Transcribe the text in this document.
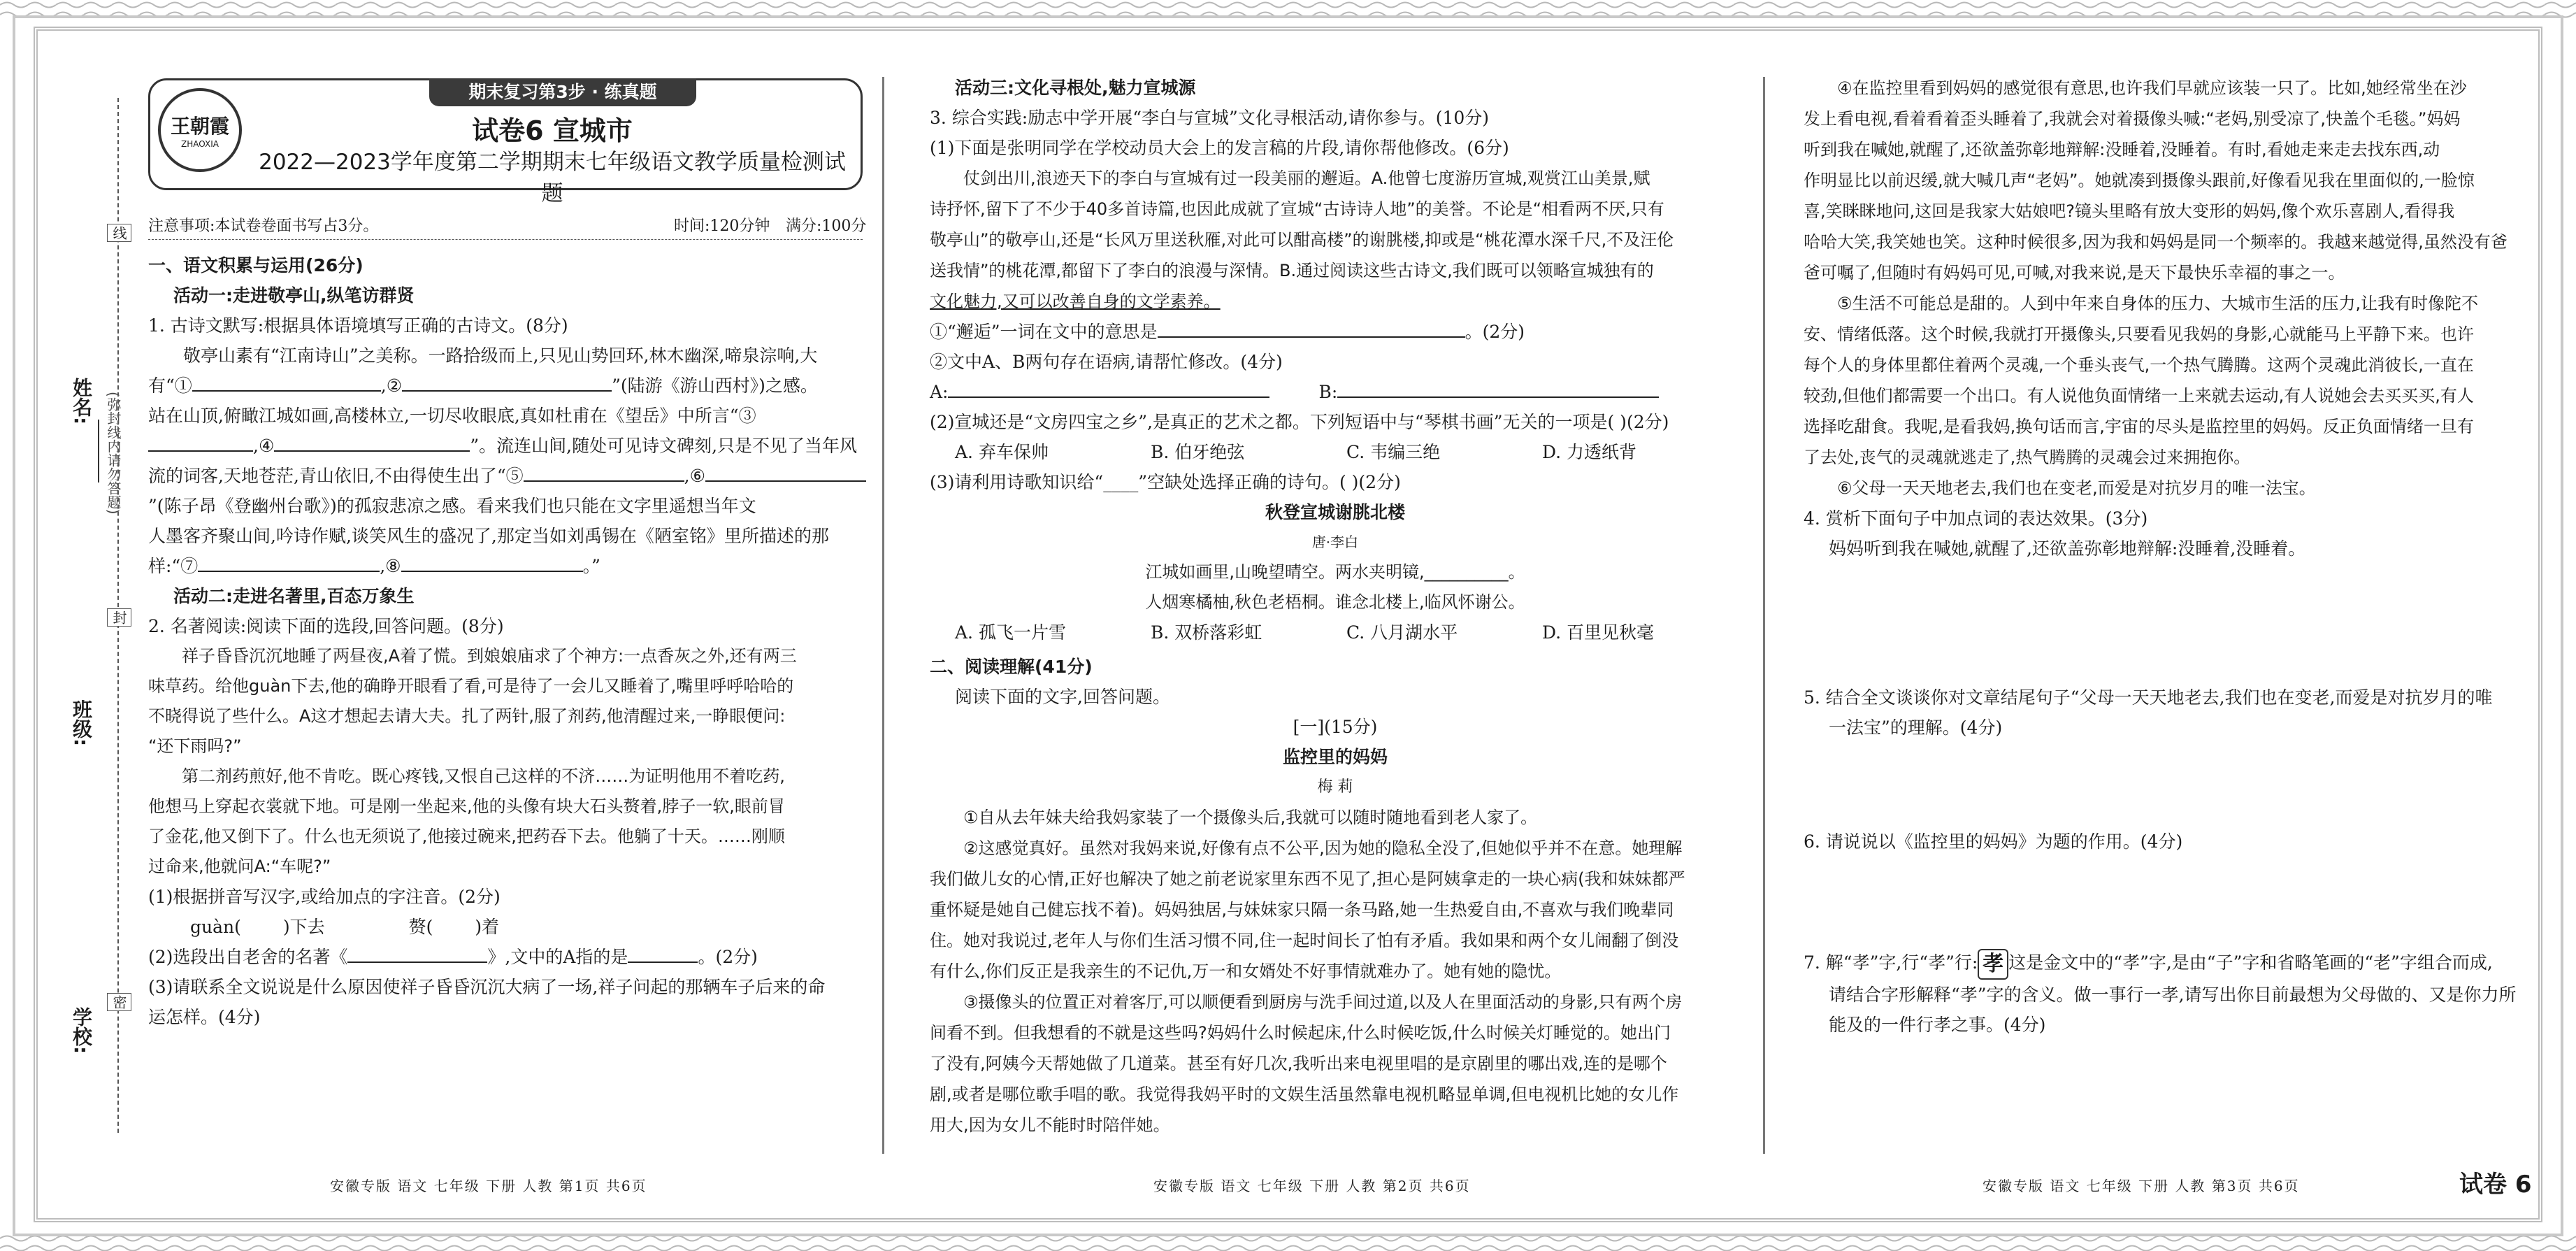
姓名:
班级:
学校:
(弥封线内请勿答题)
线
封
密
期末复习第3步 · 练真题
王朝霞
ZHAOXIA	试卷6 宣城市
2022—2023学年度第二学期期末七年级语文教学质量检测试题
注意事项:本试卷卷面书写占3分。	时间:120分钟 满分:100分

一、语文积累与运用(26分)

活动一:走进敬亭山,纵笔访群贤

1. 古诗文默写:根据具体语境填写正确的古诗文。(8分)

敬亭山素有“江南诗山”之美称。一路拾级而上,只见山势回环,林木幽深,啼泉淙响,大

有“①	,②	”(陆游《游山西村》)之感。

站在山顶,俯瞰江城如画,高楼林立,一切尽收眼底,真如杜甫在《望岳》中所言“③

,④	”。流连山间,随处可见诗文碑刻,只是不见了当年风

流的词客,天地苍茫,青山依旧,不由得使生出了“⑤	,⑥

”(陈子昂《登幽州台歌》)的孤寂悲凉之感。看来我们也只能在文字里遥想当年文

人墨客齐聚山间,吟诗作赋,谈笑风生的盛况了,那定当如刘禹锡在《陋室铭》里所描述的那

样:“⑦	,⑧	。”

活动二:走进名著里,百态万象生

2. 名著阅读:阅读下面的选段,回答问题。(8分)

祥子昏昏沉沉地睡了两昼夜,A着了慌。到娘娘庙求了个神方:一点香灰之外,还有两三

味草药。给他guàn下去,他的确睁开眼看了看,可是待了一会儿又睡着了,嘴里呼呼哈哈的

不晓得说了些什么。A这才想起去请大夫。扎了两针,服了剂药,他清醒过来,一睁眼便问:

“还下雨吗?”

第二剂药煎好,他不肯吃。既心疼钱,又恨自己这样的不济……为证明他用不着吃药,

他想马上穿起衣裳就下地。可是刚一坐起来,他的头像有块大石头赘着,脖子一软,眼前冒

了金花,他又倒下了。什么也无须说了,他接过碗来,把药吞下去。他躺了十天。……刚顺

过命来,他就问A:“车呢?”

(1)根据拼音写汉字,或给加点的字注音。(2分)

guàn( )下去	赘( )着

(2)选段出自老舍的名著《	》,文中的A指的是	。(2分)

(3)请联系全文说说是什么原因使祥子昏昏沉沉大病了一场,祥子问起的那辆车子后来的命

运怎样。(4分)

安徽专版 语文 七年级 下册 人教 第1页 共6页

活动三:文化寻根处,魅力宣城源

3. 综合实践:励志中学开展“李白与宣城”文化寻根活动,请你参与。(10分)

(1)下面是张明同学在学校动员大会上的发言稿的片段,请你帮他修改。(6分)

仗剑出川,浪迹天下的李白与宣城有过一段美丽的邂逅。A.他曾七度游历宣城,观赏江山美景,赋

诗抒怀,留下了不少于40多首诗篇,也因此成就了宣城“古诗诗人地”的美誉。不论是“相看两不厌,只有

敬亭山”的敬亭山,还是“长风万里送秋雁,对此可以酣高楼”的谢朓楼,抑或是“桃花潭水深千尺,不及汪伦

送我情”的桃花潭,都留下了李白的浪漫与深情。B.通过阅读这些古诗文,我们既可以领略宣城独有的

文化魅力,又可以改善自身的文学素养。

①“邂逅”一词在文中的意思是	。(2分)

②文中A、B两句存在语病,请帮忙修改。(4分)

A:	B:

(2)宣城还是“文房四宝之乡”,是真正的艺术之都。下列短语中与“琴棋书画”无关的一项是( )(2分)

A. 弃车保帅	B. 伯牙绝弦	C. 韦编三绝	D. 力透纸背

(3)请利用诗歌知识给“____”空缺处选择正确的诗句。( )(2分)

秋登宣城谢朓北楼

唐·李白

江城如画里,山晚望晴空。两水夹明镜,__________。

人烟寒橘柚,秋色老梧桐。谁念北楼上,临风怀谢公。

A. 孤飞一片雪	B. 双桥落彩虹	C. 八月湖水平	D. 百里见秋毫

二、阅读理解(41分)

阅读下面的文字,回答问题。

[一](15分)

监控里的妈妈

梅 莉

①自从去年妹夫给我妈家装了一个摄像头后,我就可以随时随地看到老人家了。

②这感觉真好。虽然对我妈来说,好像有点不公平,因为她的隐私全没了,但她似乎并不在意。她理解

我们做儿女的心情,正好也解决了她之前老说家里东西不见了,担心是阿姨拿走的一块心病(我和妹妹都严

重怀疑是她自己健忘找不着)。妈妈独居,与妹妹家只隔一条马路,她一生热爱自由,不喜欢与我们晚辈同

住。她对我说过,老年人与你们生活习惯不同,住一起时间长了怕有矛盾。我如果和两个女儿闹翻了倒没

有什么,你们反正是我亲生的不记仇,万一和女婿处不好事情就难办了。她有她的隐忧。

③摄像头的位置正对着客厅,可以顺便看到厨房与洗手间过道,以及人在里面活动的身影,只有两个房

间看不到。但我想看的不就是这些吗?妈妈什么时候起床,什么时候吃饭,什么时候关灯睡觉的。她出门

了没有,阿姨今天帮她做了几道菜。甚至有好几次,我听出来电视里唱的是京剧里的哪出戏,连的是哪个

剧,或者是哪位歌手唱的歌。我觉得我妈平时的文娱生活虽然靠电视机略显单调,但电视机比她的女儿作

用大,因为女儿不能时时陪伴她。

安徽专版 语文 七年级 下册 人教 第2页 共6页

④在监控里看到妈妈的感觉很有意思,也许我们早就应该装一只了。比如,她经常坐在沙

发上看电视,看着看着歪头睡着了,我就会对着摄像头喊:“老妈,别受凉了,快盖个毛毯。”妈妈

听到我在喊她,就醒了,还欲盖弥彰地辩解:没睡着,没睡着。有时,看她走来走去找东西,动

作明显比以前迟缓,就大喊几声“老妈”。她就凑到摄像头跟前,好像看见我在里面似的,一脸惊

喜,笑眯眯地问,这回是我家大姑娘吧?镜头里略有放大变形的妈妈,像个欢乐喜剧人,看得我

哈哈大笑,我笑她也笑。这种时候很多,因为我和妈妈是同一个频率的。我越来越觉得,虽然没有爸

爸可嘱了,但随时有妈妈可见,可喊,对我来说,是天下最快乐幸福的事之一。

⑤生活不可能总是甜的。人到中年来自身体的压力、大城市生活的压力,让我有时像陀不

安、情绪低落。这个时候,我就打开摄像头,只要看见我妈的身影,心就能马上平静下来。也许

每个人的身体里都住着两个灵魂,一个垂头丧气,一个热气腾腾。这两个灵魂此消彼长,一直在

较劲,但他们都需要一个出口。有人说他负面情绪一上来就去运动,有人说她会去买买买,有人

选择吃甜食。我呢,是看我妈,换句话而言,宇宙的尽头是监控里的妈妈。反正负面情绪一旦有

了去处,丧气的灵魂就逃走了,热气腾腾的灵魂会过来拥抱你。

⑥父母一天天地老去,我们也在变老,而爱是对抗岁月的唯一法宝。

4. 赏析下面句子中加点词的表达效果。(3分)

妈妈听到我在喊她,就醒了,还欲盖弥彰地辩解:没睡着,没睡着。

5. 结合全文谈谈你对文章结尾句子“父母一天天地老去,我们也在变老,而爱是对抗岁月的唯

一法宝”的理解。(4分)

6. 请说说以《监控里的妈妈》为题的作用。(4分)

7. 解“孝”字,行“孝”行: 孝 这是金文中的“孝”字,是由“子”字和省略笔画的“老”字组合而成,

请结合字形解释“孝”字的含义。做一事行一孝,请写出你目前最想为父母做的、又是你力所

能及的一件行孝之事。(4分)

安徽专版 语文 七年级 下册 人教 第3页 共6页	试卷 6
